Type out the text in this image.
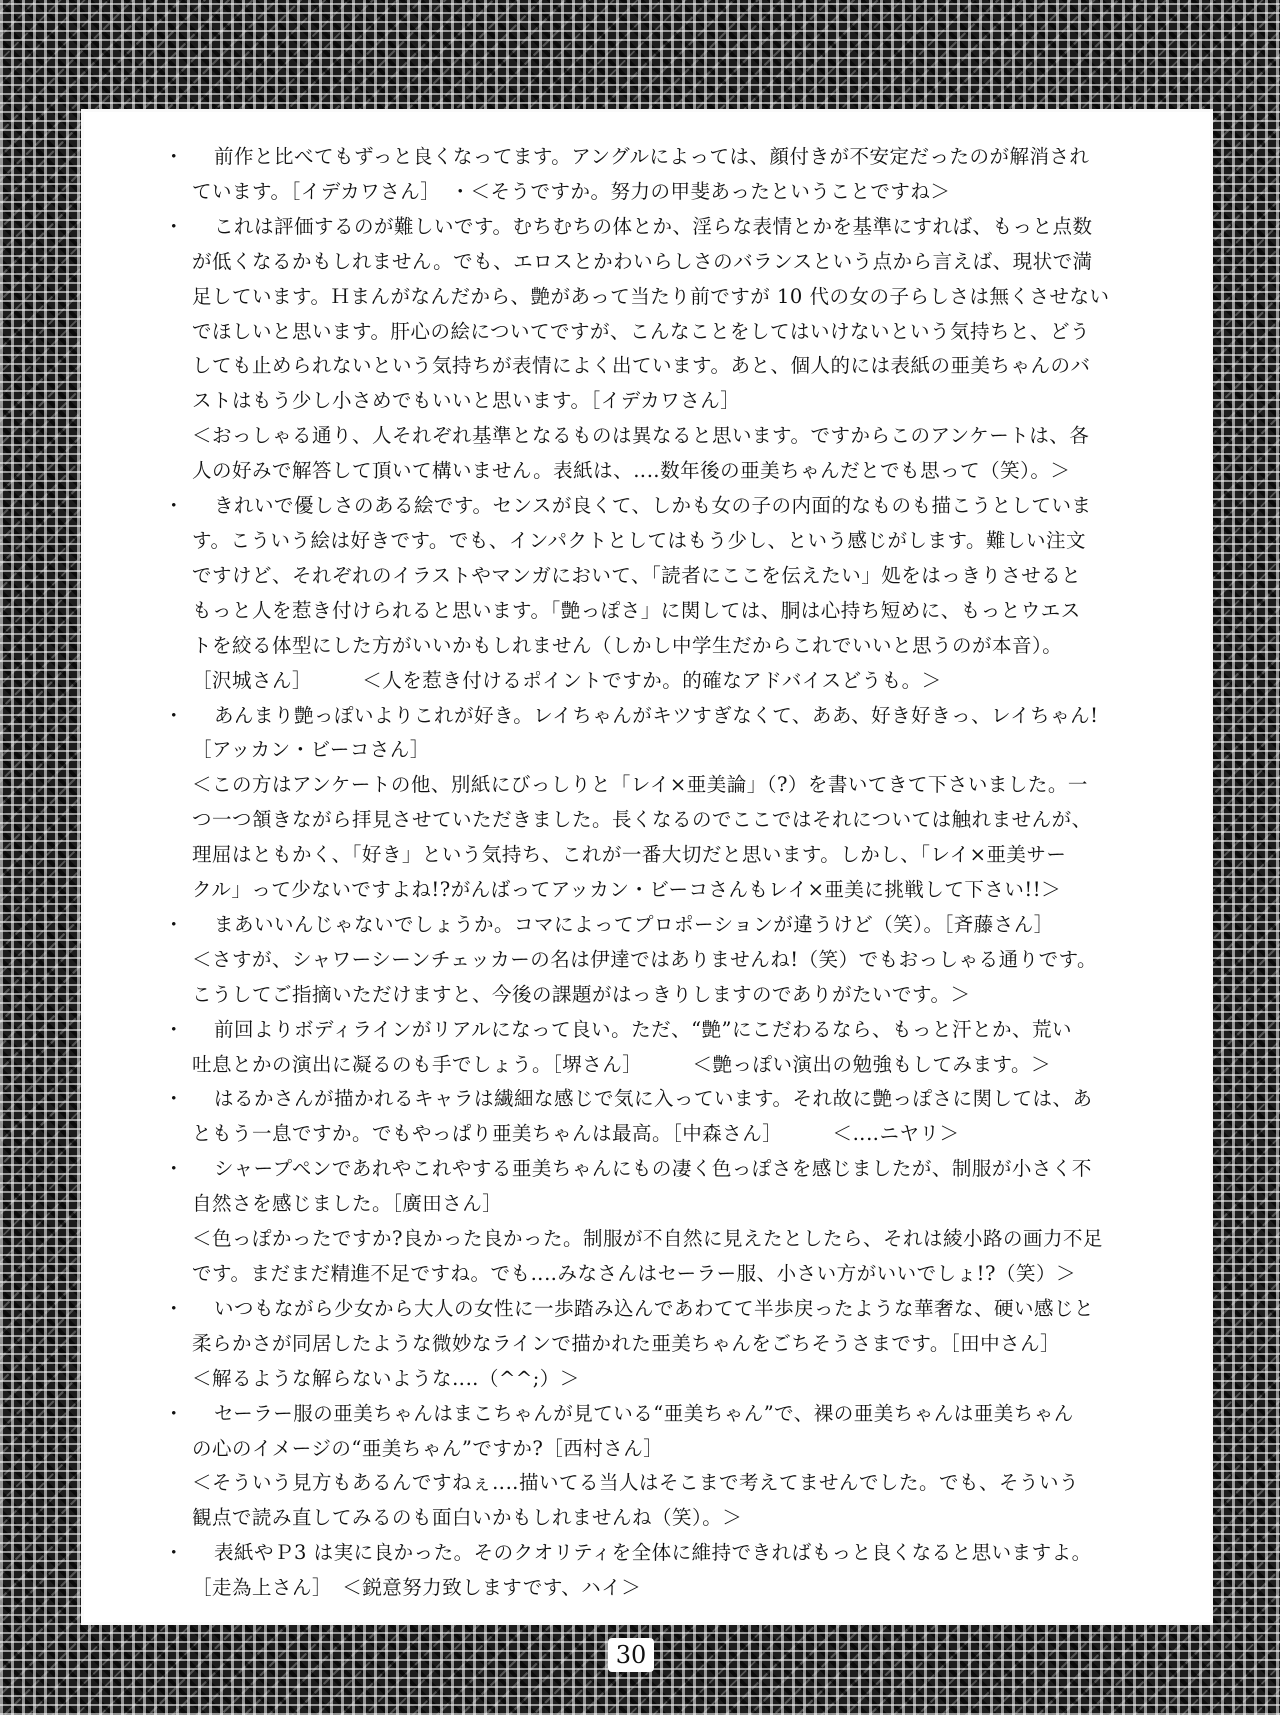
・	前作と比べてもずっと良くなってます。アングルによっては、顔付きが不安定だったのが解消され

ています。［イデカワさん］　・＜そうですか。努力の甲斐あったということですね＞

・	これは評価するのが難しいです。むちむちの体とか、淫らな表情とかを基準にすれば、もっと点数

が低くなるかもしれません。でも、エロスとかわいらしさのバランスという点から言えば、現状で満

足しています。Ｈまんがなんだから、艶があって当たり前ですが 10 代の女の子らしさは無くさせない

でほしいと思います。肝心の絵についてですが、こんなことをしてはいけないという気持ちと、どう

しても止められないという気持ちが表情によく出ています。あと、個人的には表紙の亜美ちゃんのバ

ストはもう少し小さめでもいいと思います。［イデカワさん］

＜おっしゃる通り、人それぞれ基準となるものは異なると思います。ですからこのアンケートは、各

人の好みで解答して頂いて構いません。表紙は、‥‥数年後の亜美ちゃんだとでも思って（笑）。＞

・	きれいで優しさのある絵です。センスが良くて、しかも女の子の内面的なものも描こうとしていま

す。こういう絵は好きです。でも、インパクトとしてはもう少し、という感じがします。難しい注文

ですけど、それぞれのイラストやマンガにおいて、「読者にここを伝えたい」処をはっきりさせると

もっと人を惹き付けられると思います。「艶っぽさ」に関しては、胴は心持ち短めに、もっとウエス

トを絞る体型にした方がいいかもしれません（しかし中学生だからこれでいいと思うのが本音）。

［沢城さん］　　　＜人を惹き付けるポイントですか。的確なアドバイスどうも。＞

・	あんまり艶っぽいよりこれが好き。レイちゃんがキツすぎなくて、ああ、好き好きっ、レイちゃん!

［アッカン・ビーコさん］

＜この方はアンケートの他、別紙にびっしりと「レイ×亜美論」（?）を書いてきて下さいました。一

つ一つ頷きながら拝見させていただきました。長くなるのでここではそれについては触れませんが、

理屈はともかく、「好き」という気持ち、これが一番大切だと思います。しかし、「レイ×亜美サー

クル」って少ないですよね!?がんばってアッカン・ビーコさんもレイ×亜美に挑戦して下さい!!＞

・	まあいいんじゃないでしょうか。コマによってプロポーションが違うけど（笑）。［斉藤さん］

＜さすが、シャワーシーンチェッカーの名は伊達ではありませんね!（笑）でもおっしゃる通りです。

こうしてご指摘いただけますと、今後の課題がはっきりしますのでありがたいです。＞

・	前回よりボディラインがリアルになって良い。ただ、“艶”にこだわるなら、もっと汗とか、荒い

吐息とかの演出に凝るのも手でしょう。［堺さん］　　　＜艶っぽい演出の勉強もしてみます。＞

・	はるかさんが描かれるキャラは繊細な感じで気に入っています。それ故に艶っぽさに関しては、あ

ともう一息ですか。でもやっぱり亜美ちゃんは最高。［中森さん］　　　＜‥‥ニヤリ＞

・	シャープペンであれやこれやする亜美ちゃんにもの凄く色っぽさを感じましたが、制服が小さく不

自然さを感じました。［廣田さん］

＜色っぽかったですか?良かった良かった。制服が不自然に見えたとしたら、それは綾小路の画力不足

です。まだまだ精進不足ですね。でも‥‥みなさんはセーラー服、小さい方がいいでしょ!?（笑）＞

・	いつもながら少女から大人の女性に一歩踏み込んであわてて半歩戻ったような華奢な、硬い感じと

柔らかさが同居したような微妙なラインで描かれた亜美ちゃんをごちそうさまです。［田中さん］

＜解るような解らないような‥‥（^^;）＞

・	セーラー服の亜美ちゃんはまこちゃんが見ている“亜美ちゃん”で、裸の亜美ちゃんは亜美ちゃん

の心のイメージの“亜美ちゃん”ですか?［西村さん］

＜そういう見方もあるんですねぇ‥‥描いてる当人はそこまで考えてませんでした。でも、そういう

観点で読み直してみるのも面白いかもしれませんね（笑）。＞

・	表紙やＰ3 は実に良かった。そのクオリティを全体に維持できればもっと良くなると思いますよ。

［走為上さん］　＜鋭意努力致しますです、ハイ＞

30
